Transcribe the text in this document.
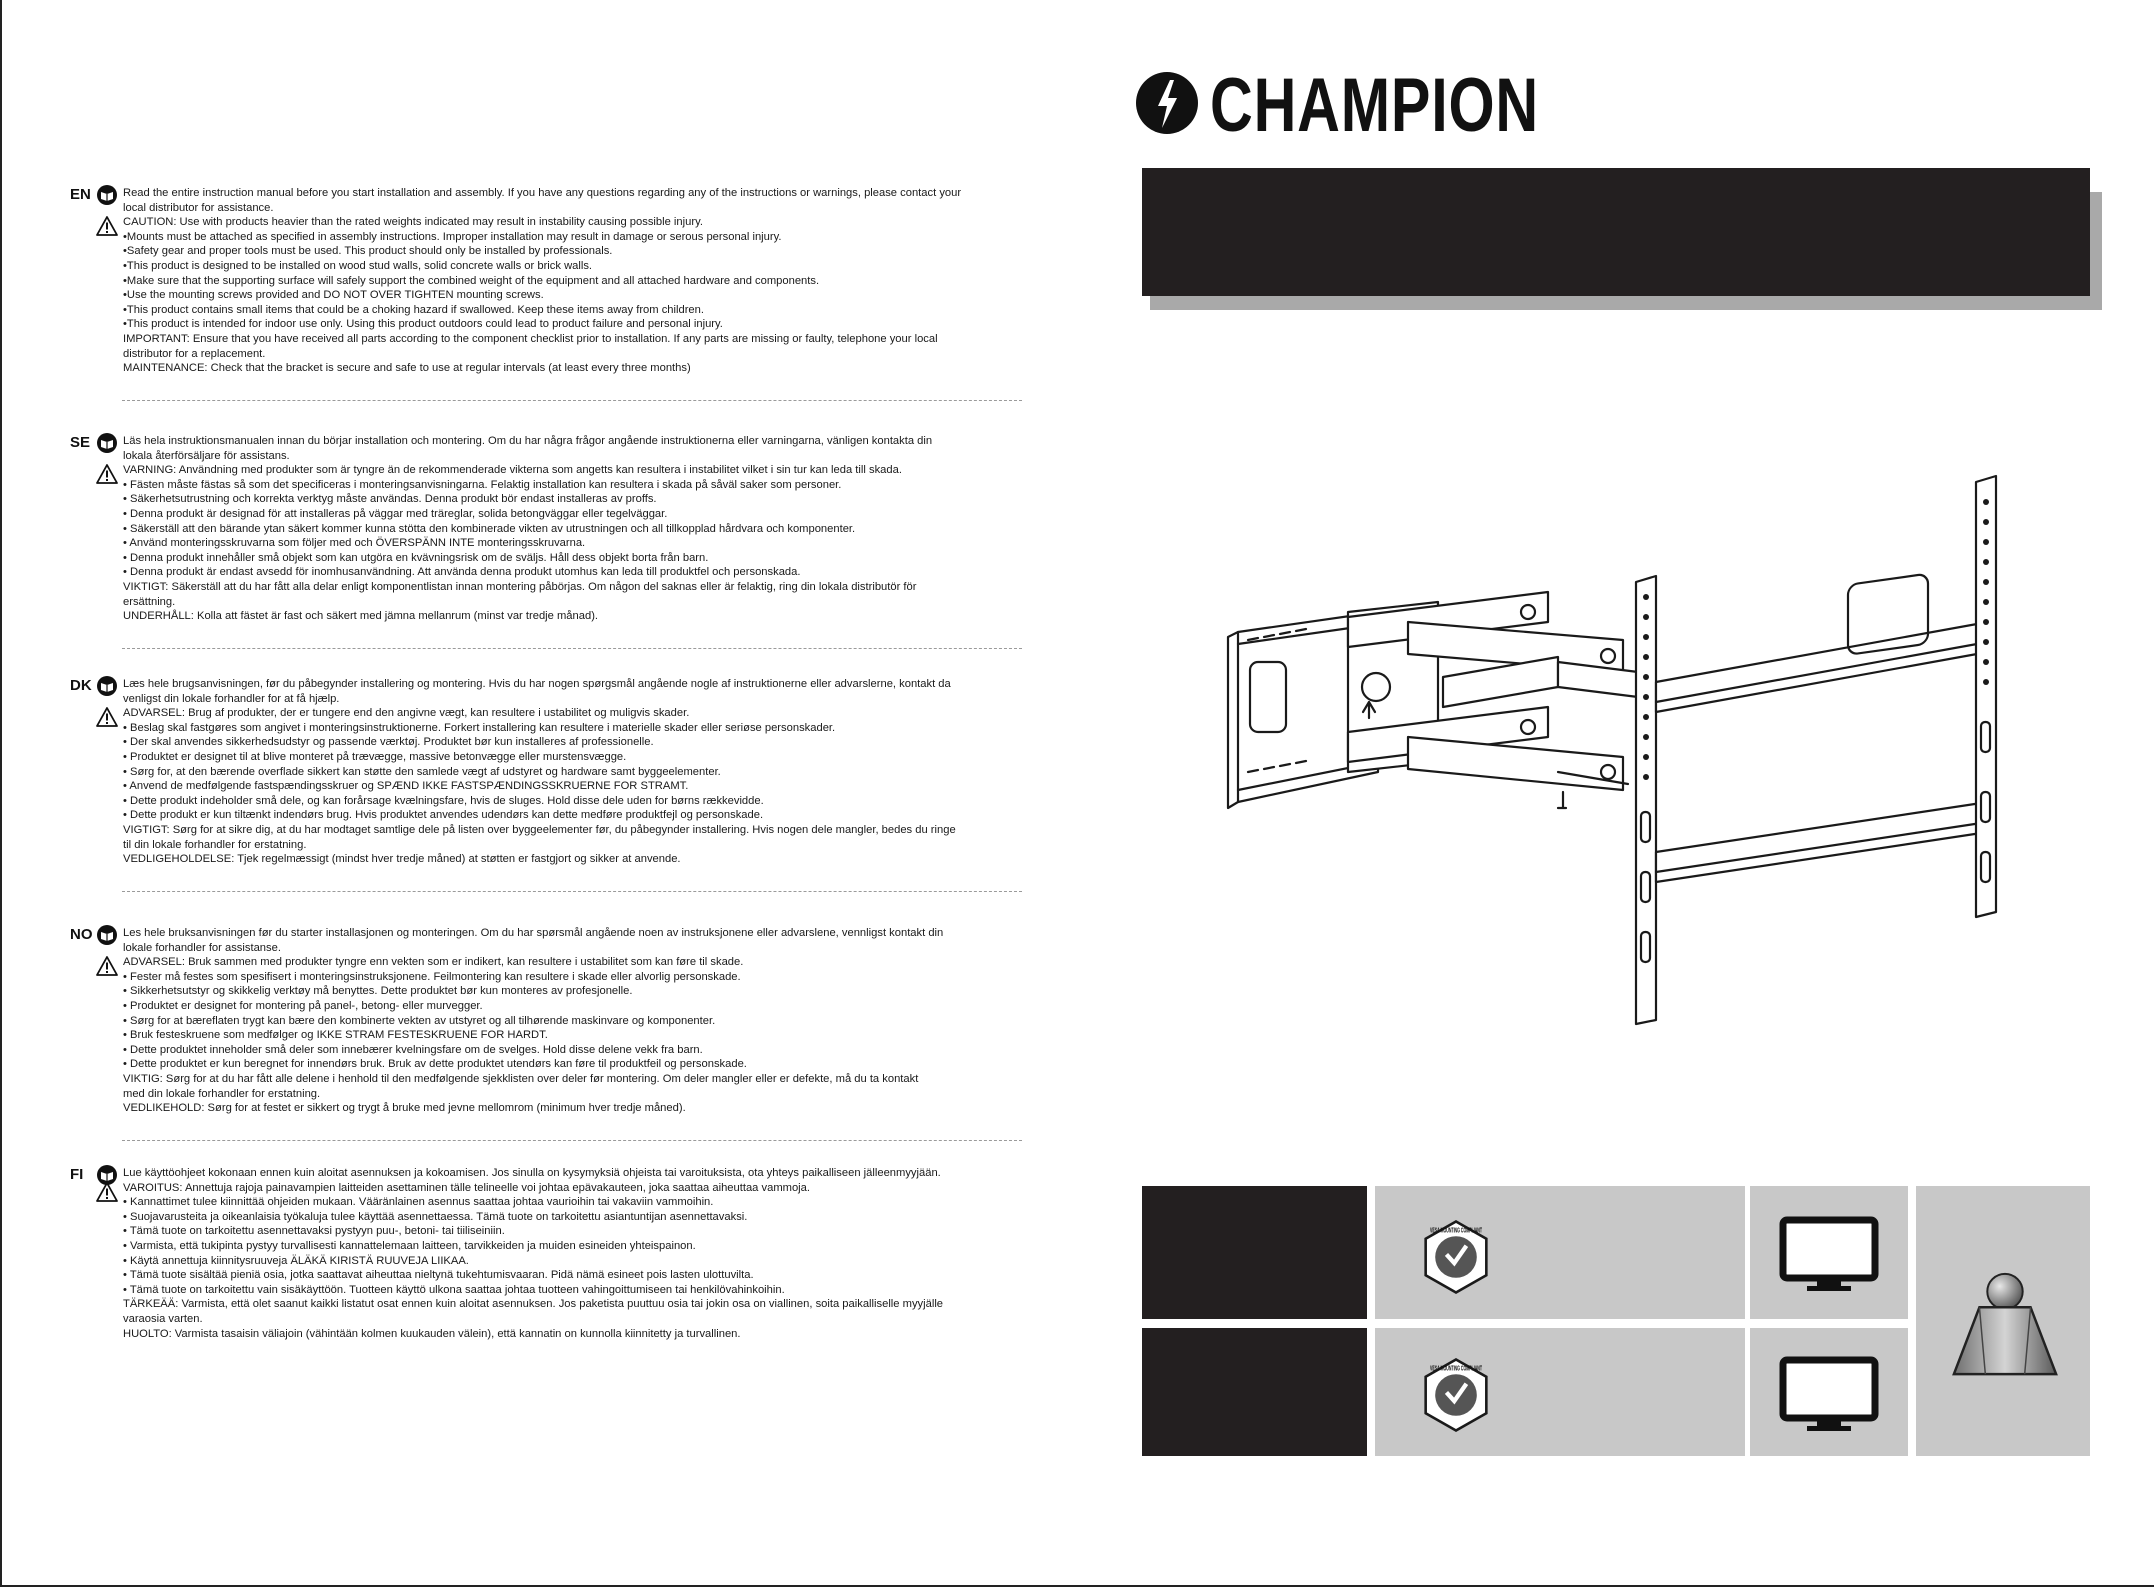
EN	Read the entire instruction manual before you start installation and assembly. If you have any questions regarding any of the instructions or warnings, please contact your
local distributor for assistance.
CAUTION: Use with products heavier than the rated weights indicated may result in instability causing possible injury.
•Mounts must be attached as specified in assembly instructions. Improper installation may result in damage or serous personal injury.
•Safety gear and proper tools must be used. This product should only be installed by professionals.
•This product is designed to be installed on wood stud walls, solid concrete walls or brick walls.
•Make sure that the supporting surface will safely support the combined weight of the equipment and all attached hardware and components.
•Use the mounting screws provided and DO NOT OVER TIGHTEN mounting screws.
•This product contains small items that could be a choking hazard if swallowed. Keep these items away from children.
•This product is intended for indoor use only. Using this product outdoors could lead to product failure and personal injury.
IMPORTANT: Ensure that you have received all parts according to the component checklist prior to installation. If any parts are missing or faulty, telephone your local
distributor for a replacement.
MAINTENANCE: Check that the bracket is secure and safe to use at regular intervals (at least every three months)
SE	Läs hela instruktionsmanualen innan du börjar installation och montering. Om du har några frågor angående instruktionerna eller varningarna, vänligen kontakta din
lokala återförsäljare för assistans.
VARNING: Användning med produkter som är tyngre än de rekommenderade vikterna som angetts kan resultera i instabilitet vilket i sin tur kan leda till skada.
• Fästen måste fästas så som det specificeras i monteringsanvisningarna. Felaktig installation kan resultera i skada på såväl saker som personer.
• Säkerhetsutrustning och korrekta verktyg måste användas. Denna produkt bör endast installeras av proffs.
• Denna produkt är designad för att installeras på väggar med träreglar, solida betongväggar eller tegelväggar.
• Säkerställ att den bärande ytan säkert kommer kunna stötta den kombinerade vikten av utrustningen och all tillkopplad hårdvara och komponenter.
• Använd monteringsskruvarna som följer med och ÖVERSPÄNN INTE monteringsskruvarna.
• Denna produkt innehåller små objekt som kan utgöra en kvävningsrisk om de sväljs. Håll dess objekt borta från barn.
• Denna produkt är endast avsedd för inomhusanvändning. Att använda denna produkt utomhus kan leda till produktfel och personskada.
VIKTIGT: Säkerställ att du har fått alla delar enligt komponentlistan innan montering påbörjas. Om någon del saknas eller är felaktig, ring din lokala distributör för
ersättning.
UNDERHÅLL: Kolla att fästet är fast och säkert med jämna mellanrum (minst var tredje månad).
DK	Læs hele brugsanvisningen, før du påbegynder installering og montering. Hvis du har nogen spørgsmål angående nogle af instruktionerne eller advarslerne, kontakt da
venligst din lokale forhandler for at få hjælp.
ADVARSEL: Brug af produkter, der er tungere end den angivne vægt, kan resultere i ustabilitet og muligvis skader.
• Beslag skal fastgøres som angivet i monteringsinstruktionerne. Forkert installering kan resultere i materielle skader eller seriøse personskader.
• Der skal anvendes sikkerhedsudstyr og passende værktøj. Produktet bør kun installeres af professionelle.
• Produktet er designet til at blive monteret på trævægge, massive betonvægge eller murstensvægge.
• Sørg for, at den bærende overflade sikkert kan støtte den samlede vægt af udstyret og hardware samt byggeelementer.
• Anvend de medfølgende fastspændingsskruer og SPÆND IKKE FASTSPÆNDINGSSKRUERNE FOR STRAMT.
• Dette produkt indeholder små dele, og kan forårsage kvælningsfare, hvis de sluges. Hold disse dele uden for børns rækkevidde.
• Dette produkt er kun tiltænkt indendørs brug. Hvis produktet anvendes udendørs kan dette medføre produktfejl og personskade.
VIGTIGT: Sørg for at sikre dig, at du har modtaget samtlige dele på listen over byggeelementer før, du påbegynder installering. Hvis nogen dele mangler, bedes du ringe
til din lokale forhandler for erstatning.
VEDLIGEHOLDELSE: Tjek regelmæssigt (mindst hver tredje måned) at støtten er fastgjort og sikker at anvende.
NO	Les hele bruksanvisningen før du starter installasjonen og monteringen. Om du har spørsmål angående noen av instruksjonene eller advarslene, vennligst kontakt din
lokale forhandler for assistanse.
ADVARSEL: Bruk sammen med produkter tyngre enn vekten som er indikert, kan resultere i ustabilitet som kan føre til skade.
• Fester må festes som spesifisert i monteringsinstruksjonene. Feilmontering kan resultere i skade eller alvorlig personskade.
• Sikkerhetsutstyr og skikkelig verktøy må benyttes. Dette produktet bør kun monteres av profesjonelle.
• Produktet er designet for montering på panel-, betong- eller murvegger.
• Sørg for at bæreflaten trygt kan bære den kombinerte vekten av utstyret og all tilhørende maskinvare og komponenter.
• Bruk festeskruene som medfølger og IKKE STRAM FESTESKRUENE FOR HARDT.
• Dette produktet inneholder små deler som innebærer kvelningsfare om de svelges. Hold disse delene vekk fra barn.
• Dette produktet er kun beregnet for innendørs bruk. Bruk av dette produktet utendørs kan føre til produktfeil og personskade.
VIKTIG: Sørg for at du har fått alle delene i henhold til den medfølgende sjekklisten over deler før montering. Om deler mangler eller er defekte, må du ta kontakt
med din lokale forhandler for erstatning.
VEDLIKEHOLD: Sørg for at festet er sikkert og trygt å bruke med jevne mellomrom (minimum hver tredje måned).
FI	Lue käyttöohjeet kokonaan ennen kuin aloitat asennuksen ja kokoamisen. Jos sinulla on kysymyksiä ohjeista tai varoituksista, ota yhteys paikalliseen jälleenmyyjään.
VAROITUS: Annettuja rajoja painavampien laitteiden asettaminen tälle telineelle voi johtaa epävakauteen, joka saattaa aiheuttaa vammoja.
• Kannattimet tulee kiinnittää ohjeiden mukaan. Vääränlainen asennus saattaa johtaa vaurioihin tai vakaviin vammoihin.
• Suojavarusteita ja oikeanlaisia työkaluja tulee käyttää asennettaessa. Tämä tuote on tarkoitettu asiantuntijan asennettavaksi.
• Tämä tuote on tarkoitettu asennettavaksi pystyyn puu-, betoni- tai tiiliseiniin.
• Varmista, että tukipinta pystyy turvallisesti kannattelemaan laitteen, tarvikkeiden ja muiden esineiden yhteispainon.
• Käytä annettuja kiinnitysruuveja ÄLÄKÄ KIRISTÄ RUUVEJA LIIKAA.
• Tämä tuote sisältää pieniä osia, jotka saattavat aiheuttaa nieltynä tukehtumisvaaran. Pidä nämä esineet pois lasten ulottuvilta.
• Tämä tuote on tarkoitettu vain sisäkäyttöön. Tuotteen käyttö ulkona saattaa johtaa tuotteen vahingoittumiseen tai henkilövahinkoihin.
TÄRKEÄÄ: Varmista, että olet saanut kaikki listatut osat ennen kuin aloitat asennuksen. Jos paketista puuttuu osia tai jokin osa on viallinen, soita paikalliselle myyjälle
varaosia varten.
HUOLTO: Varmista tasaisin väliajoin (vähintään kolmen kuukauden välein), että kannatin on kunnolla kiinnitetty ja turvallinen.
CHAMPION
VESA MOUNTING COMPLIANT
VESA MOUNTING COMPLIANT
